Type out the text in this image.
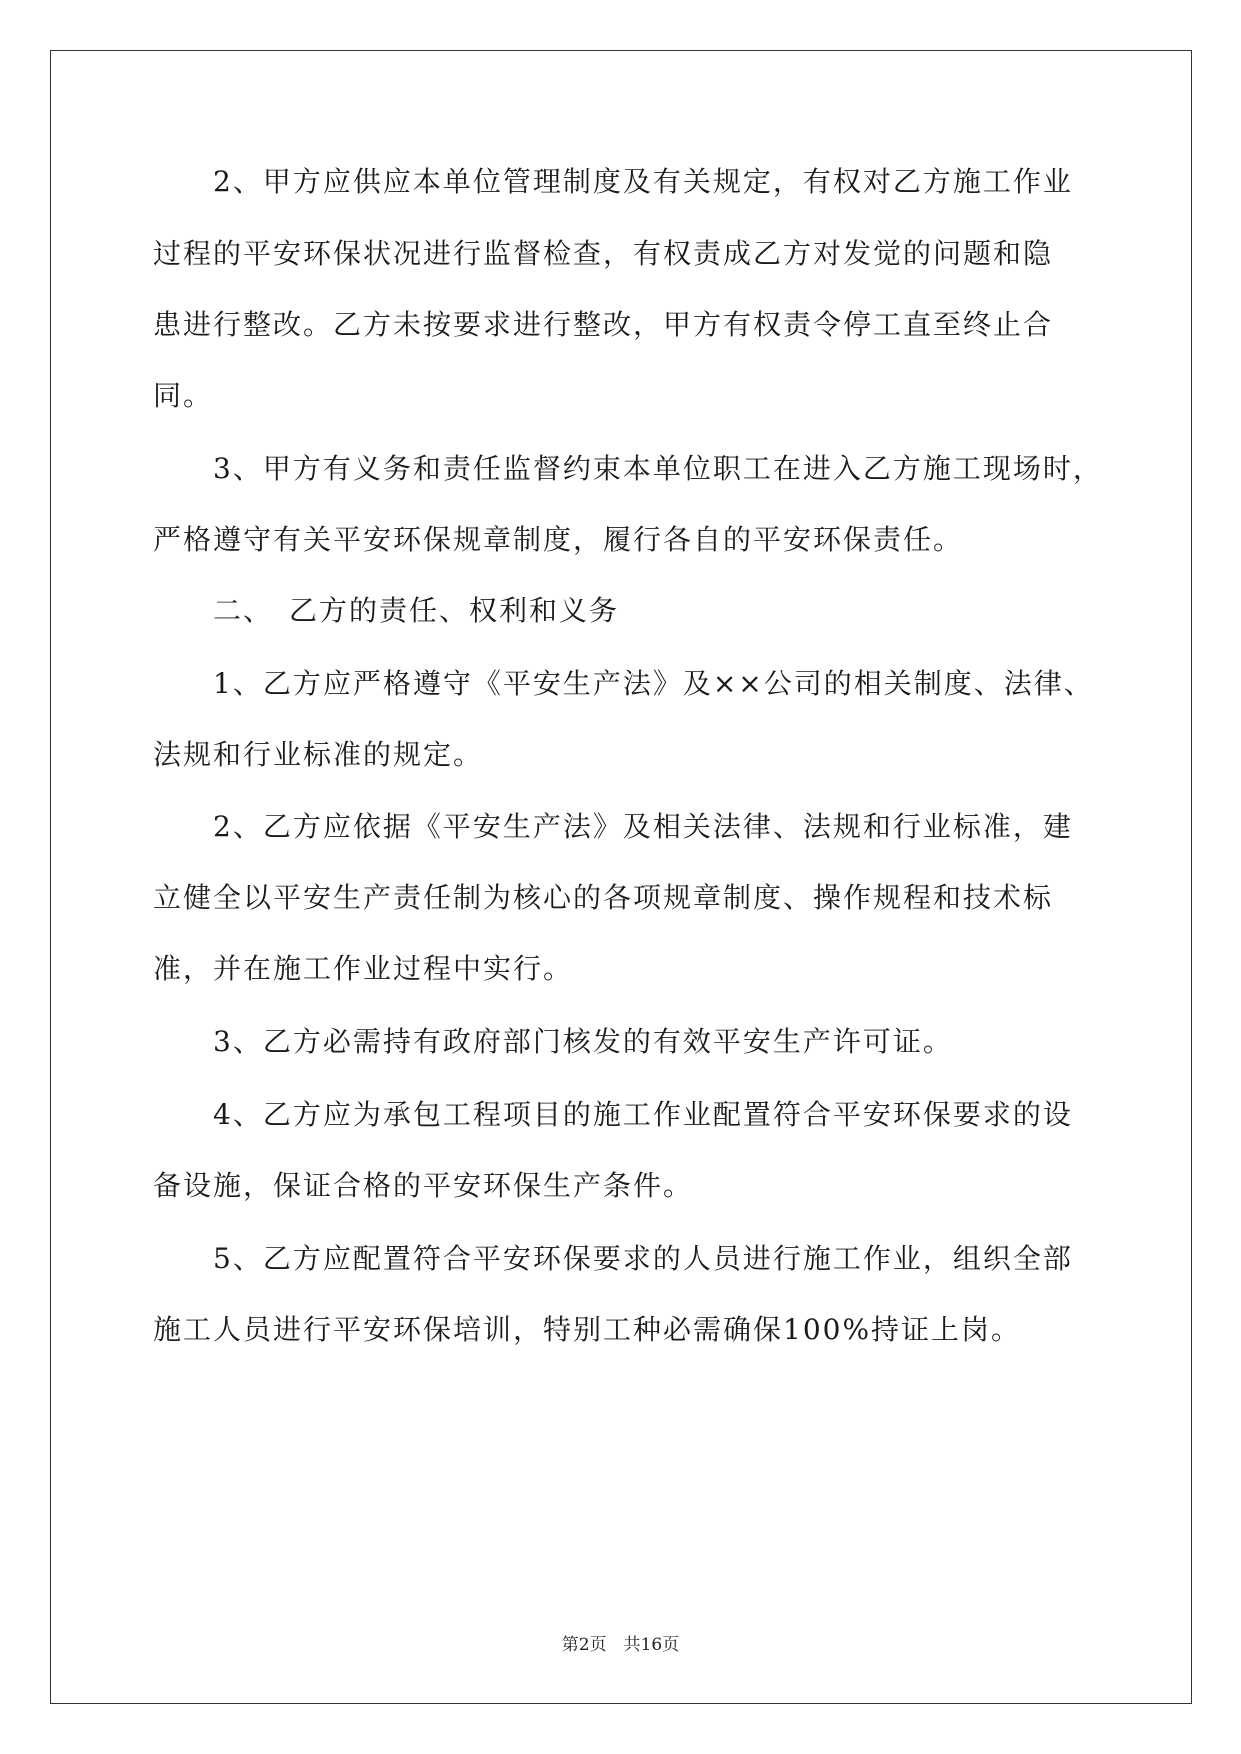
　　2、甲方应供应本单位管理制度及有关规定，有权对乙方施工作业
过程的平安环保状况进行监督检查，有权责成乙方对发觉的问题和隐
患进行整改。乙方未按要求进行整改，甲方有权责令停工直至终止合
同。
　　3、甲方有义务和责任监督约束本单位职工在进入乙方施工现场时，
严格遵守有关平安环保规章制度，履行各自的平安环保责任。
　　二、　乙方的责任、权利和义务
　　1、乙方应严格遵守《平安生产法》及××公司的相关制度、法律、
法规和行业标准的规定。
　　2、乙方应依据《平安生产法》及相关法律、法规和行业标准，建
立健全以平安生产责任制为核心的各项规章制度、操作规程和技术标
准，并在施工作业过程中实行。
　　3、乙方必需持有政府部门核发的有效平安生产许可证。
　　4、乙方应为承包工程项目的施工作业配置符合平安环保要求的设
备设施，保证合格的平安环保生产条件。
　　5、乙方应配置符合平安环保要求的人员进行施工作业，组织全部
施工人员进行平安环保培训，特别工种必需确保100%持证上岗。
第2页　共16页
